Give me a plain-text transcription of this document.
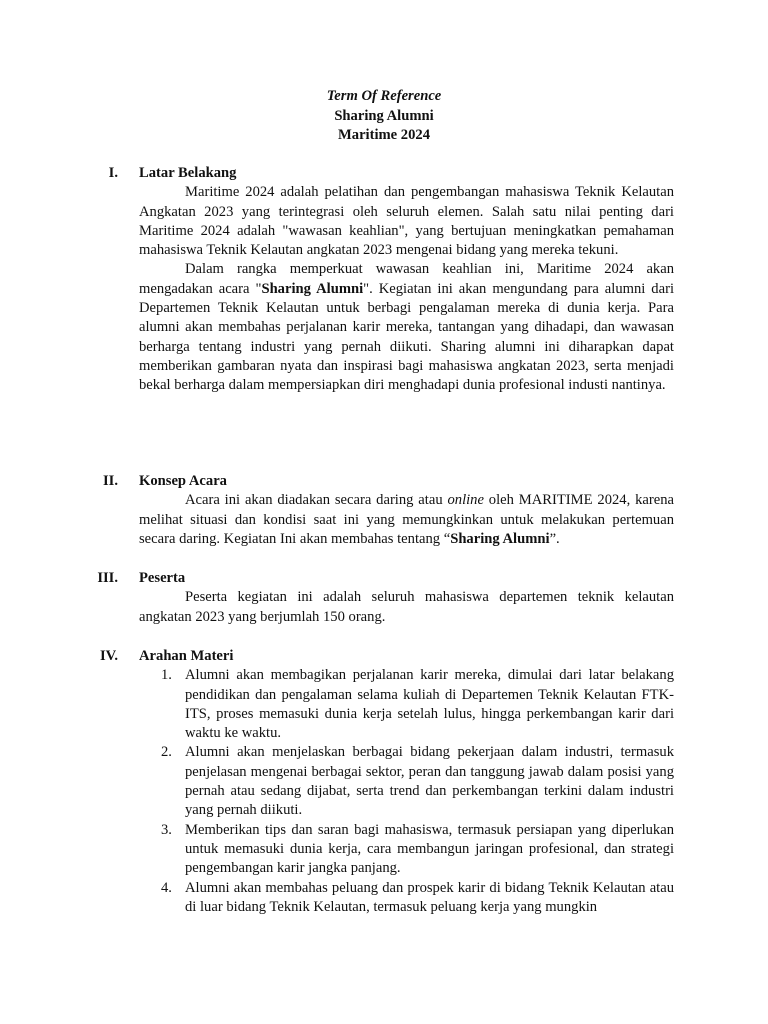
Term Of Reference
Sharing Alumni
Maritime 2024
I. Latar Belakang

Maritime 2024 adalah pelatihan dan pengembangan mahasiswa Teknik Kelautan Angkatan 2023 yang terintegrasi oleh seluruh elemen. Salah satu nilai penting dari Maritime 2024 adalah "wawasan keahlian", yang bertujuan meningkatkan pemahaman mahasiswa Teknik Kelautan angkatan 2023 mengenai bidang yang mereka tekuni.

Dalam rangka memperkuat wawasan keahlian ini, Maritime 2024 akan mengadakan acara "Sharing Alumni". Kegiatan ini akan mengundang para alumni dari Departemen Teknik Kelautan untuk berbagi pengalaman mereka di dunia kerja. Para alumni akan membahas perjalanan karir mereka, tantangan yang dihadapi, dan wawasan berharga tentang industri yang pernah diikuti. Sharing alumni ini diharapkan dapat memberikan gambaran nyata dan inspirasi bagi mahasiswa angkatan 2023, serta menjadi bekal berharga dalam mempersiapkan diri menghadapi dunia profesional industi nantinya.

II. Konsep Acara

Acara ini akan diadakan secara daring atau online oleh MARITIME 2024, karena melihat situasi dan kondisi saat ini yang memungkinkan untuk melakukan pertemuan secara daring. Kegiatan Ini akan membahas tentang “Sharing Alumni”.

III. Peserta

Peserta kegiatan ini adalah seluruh mahasiswa departemen teknik kelautan angkatan 2023 yang berjumlah 150 orang.

IV. Arahan Materi
1. Alumni akan membagikan perjalanan karir mereka, dimulai dari latar belakang pendidikan dan pengalaman selama kuliah di Departemen Teknik Kelautan FTK-ITS, proses memasuki dunia kerja setelah lulus, hingga perkembangan karir dari waktu ke waktu.
2. Alumni akan menjelaskan berbagai bidang pekerjaan dalam industri, termasuk penjelasan mengenai berbagai sektor, peran dan tanggung jawab dalam posisi yang pernah atau sedang dijabat, serta trend dan perkembangan terkini dalam industri yang pernah diikuti.
3. Memberikan tips dan saran bagi mahasiswa, termasuk persiapan yang diperlukan untuk memasuki dunia kerja, cara membangun jaringan profesional, dan strategi pengembangan karir jangka panjang.
4. Alumni akan membahas peluang dan prospek karir di bidang Teknik Kelautan atau di luar bidang Teknik Kelautan, termasuk peluang kerja yang mungkin
